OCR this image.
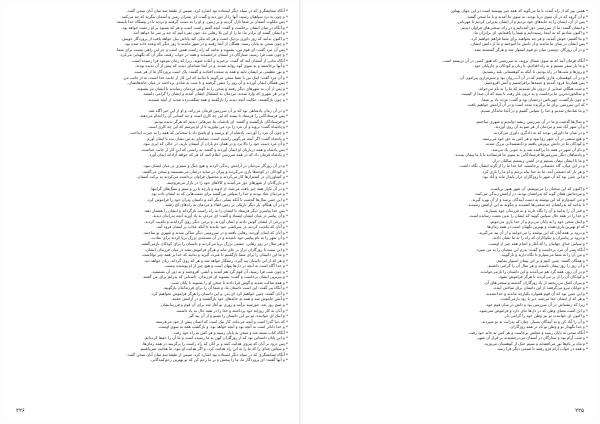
* آنگاه ستایشگری که در سپاه دیگر ایستاده بود اشاره کرد، سپس از طبقهٔ سه میان آنان سخن گفت.
* و چون به نزد سپاهیان رسید، آنها را از دور دید و گفت: ای پسران زمین و آسمان بنگرید که چه می‌کنید.
* پس ملکوت آسمان بر شما نازل گردید و بر زمین، و او را به دست گرفتند و بردند تا در پیشگاه خدا بایستد.
* و آنگاه در میان ایشان برخاست و گفت: آنچه گفتم راست است و هر که بشنود بر او رحمت خواهد بود.
* و ایشان گفتند ای برادر ما، ما را از این بلا رهایی ده، چون نمی‌دانیم که چه بر سر ما خواهد آمد.
* و اکنون بدانید که روز داوری نزدیک است و هر که نیکی کند پاداش نیک خواهد یافت از پروردگار خویش.
* و چون سخن به پایان رسید، همگان از آنجا رفتند و در شهر ماندند تا روز دیگر که وعده داده شده بود.
* پس آن مرد گفت: ای قوم من، بشنوید و بدانید که راه راست همین است و جز این راهی نیست برای شما.
* و چون شب فرا رسید، ستارگان در آسمان درخشیدند و همه در خواب رفتند، مگر آن که نگهبانی می‌کرد.
* آنگاه ندایی از آسمان آمد که گفت: برخیزید و آماده شوید، زیرا که زمان موعود فرا رسیده است.
* و آنها برخاستند و به سوی کوه روانه شدند، و در آنجا نشانه‌ای دیدند که پیش از آن ندیده بودند.
* و نور عظیمی بر ایشان تابید و همه به سجده افتادند و گفتند: پاک است پروردگار ما از هر عیب.
* و آن مرد گفت: اینک من با شما سخن می‌گویم تا بدانید که این کار از جانب خدا است، نه از جانب من.
* پس همگان ایمان آوردند و آن روز را جشن گرفتند و تا شب به شادی پرداختند در میان خانه‌هایشان.
* و پس از آن، به شهرهای دیگر رفتند و سخن را به گوش مردمان رساندند تا ایشان نیز بشنوند.
* و در هر شهری که وارد شدند، مردمان به استقبال ایشان آمدند و ایشان را گرامی داشتند.
* و چون بازگشتند، حکایت آنچه دیدند را بازگفتند و همه شگفت‌زده شدند از آنچه شنیدند.
* و در آن زمان پادشاهی بود که بر آن سرزمین فرمان می‌راند، و او از این خبر آگاه شد.
* پس فرستادگانی را فرستاد تا ببینند که این چه کاری است و چه کسانی آن را انجام می‌دهند.
* و فرستادگان بازگشتند و گفتند: ای پادشاه، ما چیزهایی دیدیم که هرگز ندیده بودیم.
* و پادشاه گفت: بروید و آن مرد را نزد من بیاورید تا از او بپرسم که این چه کاری است.
* و چون آن مرد را آوردند، پادشاه از او پرسید و او پاسخ داد با سخنانی که همه را به حیرت انداخت.
* و پادشاه گفت: اگر آنچه می‌گویی راست است، نشانه‌ای به من نشان بده تا ایمان آورم.
* و آن مرد دست خود را بالا برد و در همان دم باران از آسمان بارید، در حالی که ابری نبود.
* پس پادشاه و همه درباریان او ایمان آوردند و گفتند: به راستی که این کار از جانب خداست.
* و پادشاه فرمان داد که در همه سرزمین اعلام کنند که هر که خواهد آزادانه ایمان آورد.
* و در آن روزگار مردمان در آرامش زندگی کردند و هیچ جنگ و ستیزی در میان ایشان نبود.
* و کودکان در کوچه‌ها بازی می‌کردند و پیران در سایه درختان می‌نشستند و سخن می‌گفتند.
* و کشاورزان در کشتزارها کار می‌کردند و محصول فراوان برداشت می‌کردند به برکت آسمان.
* و بازرگانان از شهرهای دور می‌آمدند و کالاهای خود را در بازار می‌فروختند.
* و در آن بازار همه چیز یافت می‌شد، از ادویه و پارچه تا زر و سیم و سنگ‌های گرانبها.
* و مردمان شاد بودند و خدا را سپاس می‌گفتند برای نعمت‌هایی که به ایشان داده بود.
* و این چنین سال‌ها گذشت تا آنکه نسلی دیگر آمد و داستان پدران خود را فراموش کرد.
* و در آن هنگام، بار دیگر تاریکی بر زمین افتاد و مردمان به راه‌های کج رفتند.
* پس خدا پیامبری دیگر فرستاد تا ایشان را به راه راست بازگرداند و ایشان را هشدار دهد.
* و آن پیامبر در میان ایشان ایستاد و گفت: ای مردم، به یاد آورید آنچه پدرانتان دیدند.
* و برخی از ایشان گوش دادند و ایمان آوردند، و برخی دیگر روی گرداندند و تکذیب کردند.
* و آنان که تکذیب کردند، در سرکشی خود ماندند تا آنکه عذاب بر ایشان فرود آمد.
* و آنان که ایمان آوردند، رهایی یافتند و در سرزمینی دیگر ساکن شدند و شهری نو ساختند.
* و آن شهر را به نام پیامبر خود نامیدند و در آن مسجدی بزرگ برپا کردند برای عبادت.
* و هر سال در روز رهایی، جشنی بزرگ برپا می‌کردند و داستان را برای کودکان بازمی‌گفتند.
* و این سنت تا روزگاران دراز بر جای ماند و هرگز فراموش نشد در میان فرزندان ایشان.
* و ما این داستان را برای شما بازگفتیم تا عبرت گیرید و بدانید که خدا بر همه چیز تواناست.
* و هر که از این داستان پند گیرد، رستگار خواهد شد و هر که روی گرداند، زیان خواهد دید.
* و خدا آگاه است به آنچه در دل‌ها پنهان است و هیچ چیز از او پوشیده نیست.
* و چون شب فرا رسید، آن قوم گرد هم آمدند و آتشی افروختند و به دور آن نشستند.
* و پیرترین ایشان برخاست و گفت: بشنوید ای فرزندان، داستانی که پدرانم برای من گفتند.
* و همه ساکت شدند و گوش فرا دادند تا سخن او را بشنوند تا پایان شب.
* و آنگاه پیر گفت: این است داستان ما، و شما آن را برای فرزندانتان بازگویید.
* و آنان گفتند: چنین خواهیم کرد ای پدر، و این داستان را هرگز فراموش نخواهیم کرد.
* و آتش خاموش شد و همه به خانه‌های خود بازگشتند و در آرامش خفتند.
* و صبح روز بعد، خورشید برآمد و روزی نو آغاز شد برای آن قوم و فرزندانشان.
* و آنان به کار روزانه خود پرداختند و خدا را در همه حال به یاد داشتند.
* و اینک ای خواننده، تو نیز این داستان را بشنو و از آن پند گیر.
* که دنیا گذرا است و آنچه می‌ماند، کار نیک است که انسان پیش از خود می‌فرستد.
* و خدا داناتر است به آنچه بود و آنچه خواهد بود، و بازگشت همه به سوی اوست.
* آنگاه کتاب بسته شد و سخن به پایان رسید و هر کس به راه خود رفت.
* و این پایان داستانی بود که از روزگاران کهن به ما رسیده است و ما آن را حفظ کرده‌ایم.
* پس درود بر آنان که پیروی هدایت کنند و بر آنان که راه راست را برگزینند در همه زمان‌ها.
* و سپاس خدای را که ما را به این راه هدایت کرد، و اگر هدایت او نبود، ما هدایت نمی‌یافتیم.
* آنگاه ستایشگری که در سپاه دیگر ایستاده بود اشاره کرد، سپس از طبقهٔ سه میان آنان سخن گفت.
* و آنها گفتند: ای پروردگار ما، ما را ببخش و بر ما رحم کن که تو بهترین رحم‌کنندگانی.
۲۲۶
* همین نور که از راه آمده، با ما می‌گوید که همه چیز پیوسته است در این جهان پهناور.
* و آن گروه که در آن سوی دریا بودند، به سوی ما آمدند و با ما سخن گفتند.
* پس از آن، ایشان را به خانه‌های خود بردیم و از ایشان پذیرایی کردیم با مهربانی.
* و ایشان گفتند: ما از سرزمینی دور آمده‌ایم و در راه، سختی‌های فراوان دیدیم.
* و اکنون شادیم که به اینجا رسیده‌ایم و شما را یافته‌ایم، ای برادران ما.
* و ما گفتیم: خوش آمدید، و هر چه بخواهید برای شما فراهم خواهیم کرد.
* پس ایشان در میان ما ماندند و از دانش ما آموختند و ما از دانش ایشان.
* و در آن روزگار، دوستی میان دو قوم استوار شد و هرگز گسسته نشد.
* آنگاه فرمان آمد که به سوی شمال بروید، به سرزمینی که هنوز کسی در آن نزیسته است.
* و ما بار سفر بستیم و به راه افتادیم، با زنان و کودکان و چارپایان خود.
* و روزها و شب‌ها در راه بودیم، تا آنکه به کوهستانی بلند رسیدیم.
* و در آن کوهستان، غاری یافتیم که در آن آب روان بود و سبزه‌زاری پیرامون آن.
* پس همان‌جا فرود آمدیم و خیمه‌ها برافراشتیم و آتش افروختیم.
* و شب هنگام، صدایی از درون غار شنیدیم که ما را به نام می‌خواند.
* و سالخورده‌ترین ما برخاست و به درون غار رفت تا ببیند که آن صدا از کیست.
* و چون بازگشت، چهره‌اش درخشان بود و گفت: مژده باد بر شما.
* که این سرزمین برای ما برگزیده شده است و در آن آرامش خواهیم یافت.
* و ما شادمان شدیم و خدا را سپاس گفتیم و در آنجا ماندگار شدیم.
* و سال‌ها گذشت و ما در آن سرزمین ریشه دواندیم و شهری ساختیم.
* و آن شهر آباد شد و مردمان از هر سو به آن روی آوردند.
* و در میان ما داورانی بودند که به دادگری داوری می‌کردند.
* و هیچ ستمی در آن شهر روا نبود و هر کس به حق خود می‌رسید.
* و کودکان ما در دانش پرورش یافتند و دانشمندانی بزرگ شدند.
* و نام آن شهر در همه جا پراکنده شد و به خوبی یاد می‌شد.
* و پادشاهان دیگر سرزمین‌ها فرستادگانی به سوی ما فرستادند تا با ما پیمان ببندند.
* و ما با ایشان پیمان بستیم و در آشتی زیستیم سالیان دراز.
* و در این میان، گاه دشمنانی برخاستند، اما خدا ما را از گزند ایشان نگاه داشت.
* و هر بار که دشمنی آمد، ما به خدا پناه بردیم و او ما را یاری کرد.
* و این چنین بود که آن شهر تا روزگاران دراز پایدار ماند و آباد بود.
* و اکنون که این سخنان را می‌نویسم، آن شهر هنوز برپاست.
* و مردمانش همان گونه که پدرانشان بودند، در آرامش زندگی می‌کنند.
* و من امیدوارم که این نوشته به دست آیندگان برسد و از آن بهره گیرند.
* تا بدانند که پدرانشان چه سختی‌ها کشیدند و چگونه به این آرامش رسیدند.
* و قدر آن را بدانند و آن را نگاه دارند و به فرزندان خود بسپارند.
* و خدا را در همه حال سپاس گویند که ایشان را بدین نعمت رسانده است.
* و اینک سخن خود را به پایان می‌برم و از خدا یاری می‌جویم.
* که او بهترین یاری‌دهنده و بهترین نگهبان است در همه زمان‌ها.
* و درود بر همه آنان که این نوشته را می‌خوانند و از آن پند می‌گیرند.
* و درود بر پیامبران و نیکوکاران که راه را به ما نشان دادند.
* و سپاس خدای جهانیان را که آغاز و انجام همه چیز از اوست.
* آنگاه پسر آن مرد برخاست و گفت: پدرم این سخنان را به من سپرد.
* و من آن را به شما می‌سپارم تا نگاه دارید و بازگویید.
* و همگان گفتند: چنین کنیم و بر این پیمان استوار بمانیم.
* و آن روز را روز پیمان نامیدند و هر سال آن را گرامی داشتند.
* و در آن روز، همه گرد هم می‌آمدند و این داستان را بازمی‌خواندند.
* و کودکان آن را از بر می‌کردند تا هرگز فراموش نشود.
* و پیران اشک می‌ریختند از یاد روزگاران گذشته و سختی‌های آن.
* و جوانان نیرو می‌گرفتند از این داستان برای ساختن آینده.
* و این چنین بود که آن قوم همواره یکپارچه ماندند و جدا نشدند.
* و هر که از ایشان جدا می‌شد، دیر یا زود بازمی‌گشت.
* زیرا که ریشه‌اش در آن سرزمین بود و دلش در میان قوم خود.
* و این است معنای وطن که در دل‌ها جای دارد و فراموش نمی‌شود.
* و اکنون ای خواننده، تو نیز وطن خود را گرامی دار.
* و آن را آباد کن و به آیندگان بسپار، چنان که پدرانت به تو سپردند.
* و خدا نگهدار تو و وطن تو باد در همه روزگاران.
* آنگاه سخن به پایان رسید و مجلس برخاست و هر کس به خانه خود رفت.
* و شب آرام بود و ستارگان در آسمان می‌درخشیدند بر فراز آن شهر.
* و ماه بر بام‌ها نور می‌افشاند و نسیم خنک از کوهستان می‌وزید.
* و همه در خواب آرام فرو رفتند تا صبحی دیگر فرا رسد.
۲۲۵
